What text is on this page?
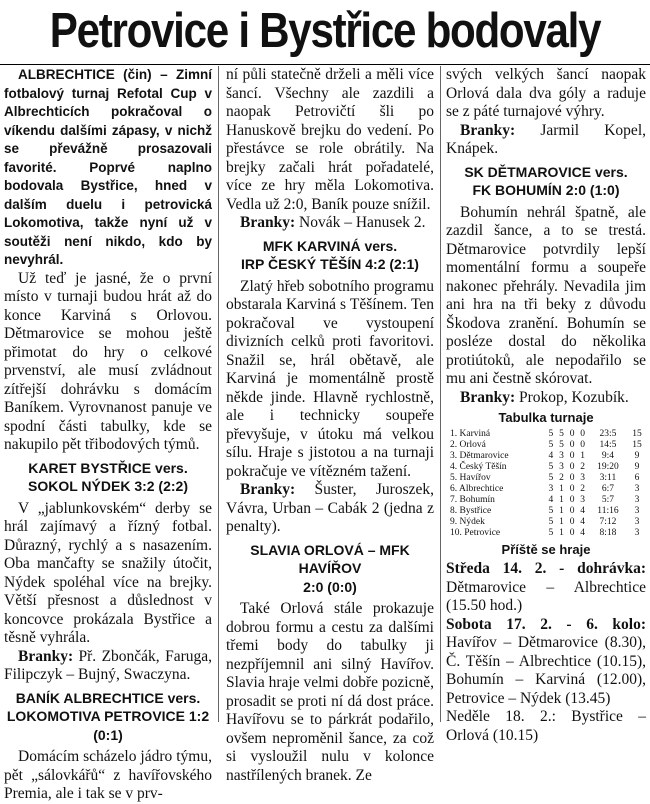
Petrovice i Bystřice bodovaly

ALBRECHTICE (čin) – Zimní fotbalový turnaj Refotal Cup v Albrechticích pokračoval o víkendu dalšími zápasy, v nichž se převážně prosazovali favorité. Poprvé naplno bodovala Bystřice, hned v dalším duelu i petrovická Lokomotiva, takže nyní už v soutěži není nikdo, kdo by nevyhrál.

Už teď je jasné, že o první místo v turnaji budou hrát až do konce Karviná s Orlovou. Dětmarovice se mohou ještě přimotat do hry o celkové prvenství, ale musí zvládnout zítřejší dohrávku s domácím Baníkem. Vyrovnanost panuje ve spodní části tabulky, kde se nakupilo pět třibodových týmů.

KARET BYSTŘICE vers.
SOKOL NÝDEK 3:2 (2:2)

V „jablunkovském“ derby se hrál zajímavý a řízný fotbal. Důrazný, rychlý a s nasazením. Oba mančafty se snažily útočit, Nýdek spoléhal více na brejky. Větší přesnost a důslednost v koncovce prokázala Bystřice a těsně vyhrála.

Branky: Př. Zbončák, Faruga, Filipczyk – Bujný, Swaczyna.

BANÍK ALBRECHTICE vers.
LOKOMOTIVA PETROVICE 1:2 (0:1)

Domácím scházelo jádro týmu, pět „sálovkářů“ z havířovského Premia, ale i tak se v prv-

ní půli statečně drželi a měli více šancí. Všechny ale zazdili a naopak Petrovičtí šli po Hanuskově brejku do vedení. Po přestávce se role obrátily. Na brejky začali hrát pořadatelé, více ze hry měla Lokomotiva. Vedla už 2:0, Baník pouze snížil.

Branky: Novák – Hanusek 2.

MFK KARVINÁ vers.
IRP ČESKÝ TĚŠÍN 4:2 (2:1)

Zlatý hřeb sobotního programu obstarala Karviná s Těšínem. Ten pokračoval ve vystoupení divizních celků proti favoritovi. Snažil se, hrál obětavě, ale Karviná je momentálně prostě někde jinde. Hlavně rychlostně, ale i technicky soupeře převyšuje, v útoku má velkou sílu. Hraje s jistotou a na turnaji pokračuje ve vítězném tažení.

Branky: Šuster, Juroszek, Vávra, Urban – Cabák 2 (jedna z penalty).

SLAVIA ORLOVÁ – MFK HAVÍŘOV
2:0 (0:0)

Také Orlová stále prokazuje dobrou formu a cestu za dalšími třemi body do tabulky ji nezpříjemnil ani silný Havířov. Slavia hraje velmi dobře pozicně, prosadit se proti ní dá dost práce. Havířovu se to párkrát podařilo, ovšem neproměnil šance, za což si vysloužil nulu v kolonce nastřílených branek. Ze

svých velkých šancí naopak Orlová dala dva góly a raduje se z páté turnajové výhry.

Branky: Jarmil Kopel, Knápek.

SK DĚTMAROVICE vers.
FK BOHUMÍN 2:0 (1:0)

Bohumín nehrál špatně, ale zazdil šance, a to se trestá. Dětmarovice potvrdily lepší momentální formu a soupeře nakonec přehrály. Nevadila jim ani hra na tři beky z důvodu Škodova zranění. Bohumín se posléze dostal do několika protiútoků, ale nepodařilo se mu ani čestně skórovat.

Branky: Prokop, Kozubík.

Tabulka turnaje
1. Karviná	5	5	0	0	23:5	15
2. Orlová	5	5	0	0	14:5	15
3. Dětmarovice	4	3	0	1	9:4	9
4. Český Těšín	5	3	0	2	19:20	9
5. Havířov	5	2	0	3	3:11	6
6. Albrechtice	3	1	0	2	6:7	3
7. Bohumín	4	1	0	3	5:7	3
8. Bystřice	5	1	0	4	11:16	3
9. Nýdek	5	1	0	4	7:12	3
10. Petrovice	5	1	0	4	8:18	3
Příště se hraje

Středa 14. 2. - dohrávka: Dětmarovice – Albrechtice (15.50 hod.)

Sobota 17. 2. - 6. kolo: Havířov – Dětmarovice (8.30), Č. Těšín – Albrechtice (10.15), Bohumín – Karviná (12.00), Petrovice – Nýdek (13.45)

Neděle 18. 2.: Bystřice – Orlová (10.15)
